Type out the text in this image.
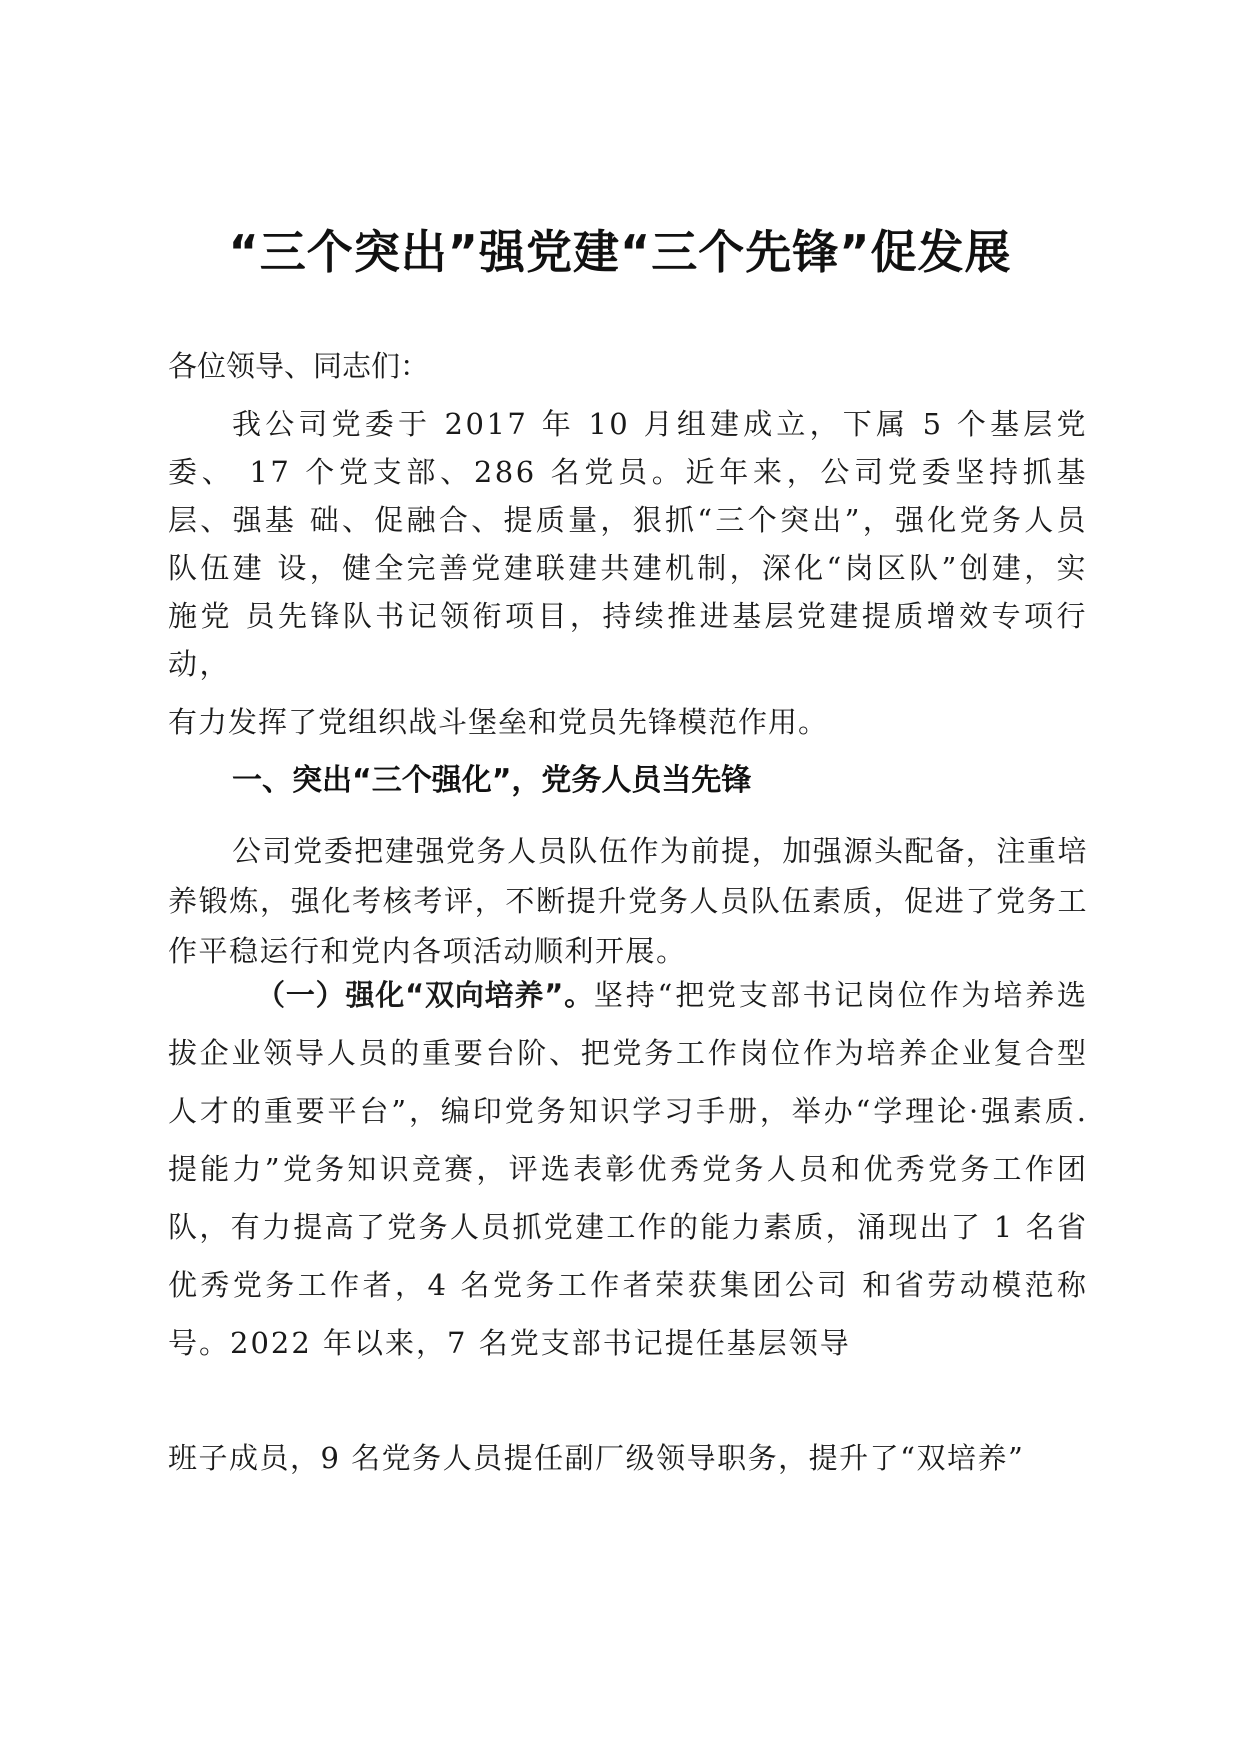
“三个突出”强党建“三个先锋”促发展

各位领导、同志们：

我公司党委于 2017 年 10 月组建成立，下属 5 个基层党委、 17 个党支部、286 名党员。近年来，公司党委坚持抓基层、强基 础、促融合、提质量，狠抓“三个突出”，强化党务人员队伍建 设，健全完善党建联建共建机制，深化“岗区队”创建，实施党 员先锋队书记领衔项目，持续推进基层党建提质增效专项行动，

有力发挥了党组织战斗堡垒和党员先锋模范作用。

一、突出“三个强化”，党务人员当先锋

公司党委把建强党务人员队伍作为前提，加强源头配备，注重培养锻炼，强化考核考评，不断提升党务人员队伍素质，促进了党务工作平稳运行和党内各项活动顺利开展。

（一）强化“双向培养”。坚持“把党支部书记岗位作为培养选拔企业领导人员的重要台阶、把党务工作岗位作为培养企业复合型人才的重要平台”，编印党务知识学习手册，举办“学理论·强素质.提能力”党务知识竞赛，评选表彰优秀党务人员和优秀党务工作团队，有力提高了党务人员抓党建工作的能力素质，涌现出了 1 名省优秀党务工作者，4 名党务工作者荣获集团公司 和省劳动模范称号。2022 年以来，7 名党支部书记提任基层领导

班子成员，9 名党务人员提任副厂级领导职务，提升了“双培养”
